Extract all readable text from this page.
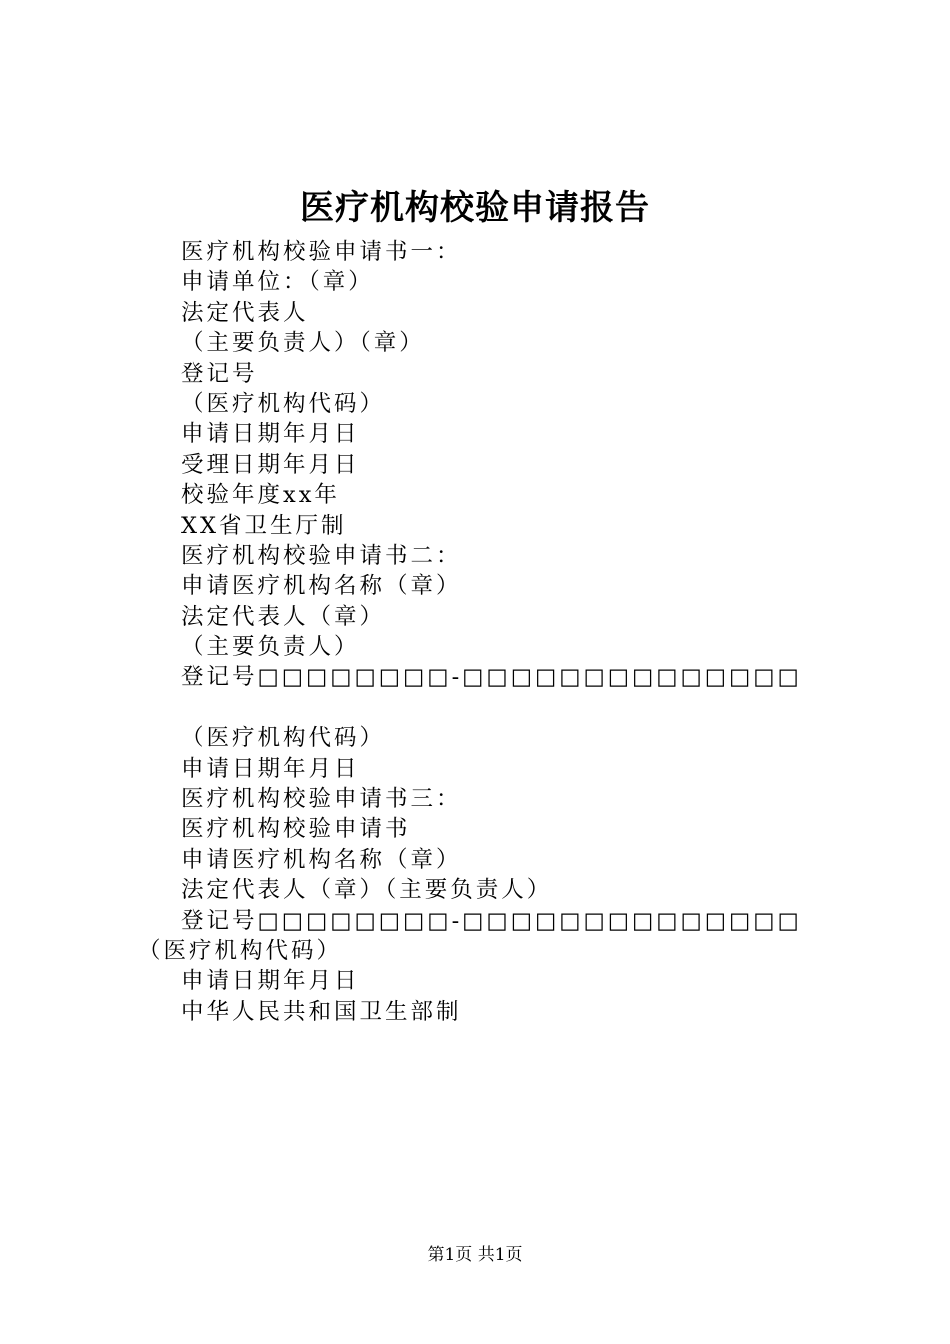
医疗机构校验申请报告
医疗机构校验申请书一：
申请单位：（章）
法定代表人
（主要负责人）（章）
登记号
（医疗机构代码）
申请日期年月日
受理日期年月日
校验年度xx年
XX省卫生厅制
医疗机构校验申请书二：
申请医疗机构名称（章）
法定代表人（章）
（主要负责人）
登记号□□□□□□□□-□□□□□□□□□□□□□□
（医疗机构代码）
申请日期年月日
医疗机构校验申请书三：
医疗机构校验申请书
申请医疗机构名称（章）
法定代表人（章）（主要负责人）
登记号□□□□□□□□-□□□□□□□□□□□□□□
（医疗机构代码）
申请日期年月日
中华人民共和国卫生部制
第1页 共1页
